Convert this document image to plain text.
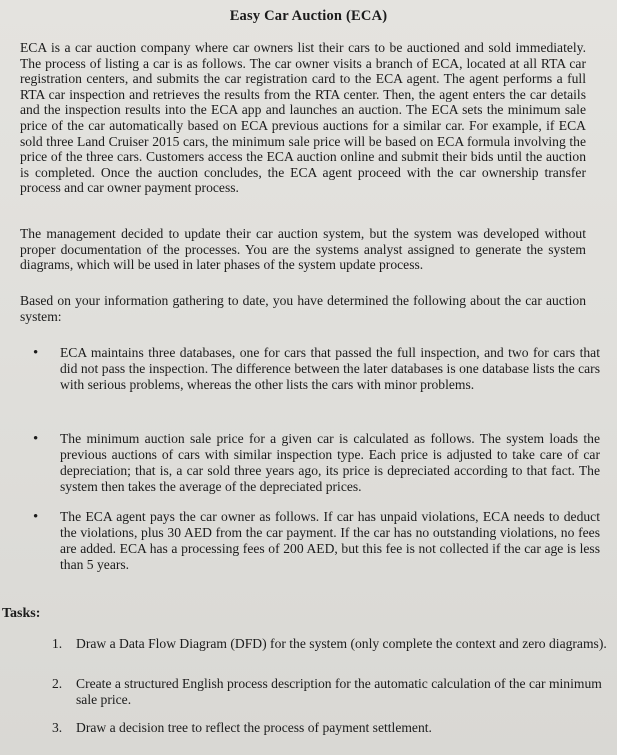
Easy Car Auction (ECA)
ECA is a car auction company where car owners list their cars to be auctioned and sold immediately. The process of listing a car is as follows. The car owner visits a branch of ECA, located at all RTA car registration centers, and submits the car registration card to the ECA agent. The agent performs a full RTA car inspection and retrieves the results from the RTA center. Then, the agent enters the car details and the inspection results into the ECA app and launches an auction. The ECA sets the minimum sale price of the car automatically based on ECA previous auctions for a similar car. For example, if ECA sold three Land Cruiser 2015 cars, the minimum sale price will be based on ECA formula involving the price of the three cars. Customers access the ECA auction online and submit their bids until the auction is completed. Once the auction concludes, the ECA agent proceed with the car ownership transfer process and car owner payment process.
The management decided to update their car auction system, but the system was developed without proper documentation of the processes. You are the systems analyst assigned to generate the system diagrams, which will be used in later phases of the system update process.
Based on your information gathering to date, you have determined the following about the car auction system:
• ECA maintains three databases, one for cars that passed the full inspection, and two for cars that did not pass the inspection. The difference between the later databases is one database lists the cars with serious problems, whereas the other lists the cars with minor problems.
• The minimum auction sale price for a given car is calculated as follows. The system loads the previous auctions of cars with similar inspection type. Each price is adjusted to take care of car depreciation; that is, a car sold three years ago, its price is depreciated according to that fact. The system then takes the average of the depreciated prices.
• The ECA agent pays the car owner as follows. If car has unpaid violations, ECA needs to deduct the violations, plus 30 AED from the car payment. If the car has no outstanding violations, no fees are added. ECA has a processing fees of 200 AED, but this fee is not collected if the car age is less than 5 years.
Tasks:
1. Draw a Data Flow Diagram (DFD) for the system (only complete the context and zero diagrams).
2. Create a structured English process description for the automatic calculation of the car minimum sale price.
3. Draw a decision tree to reflect the process of payment settlement.
